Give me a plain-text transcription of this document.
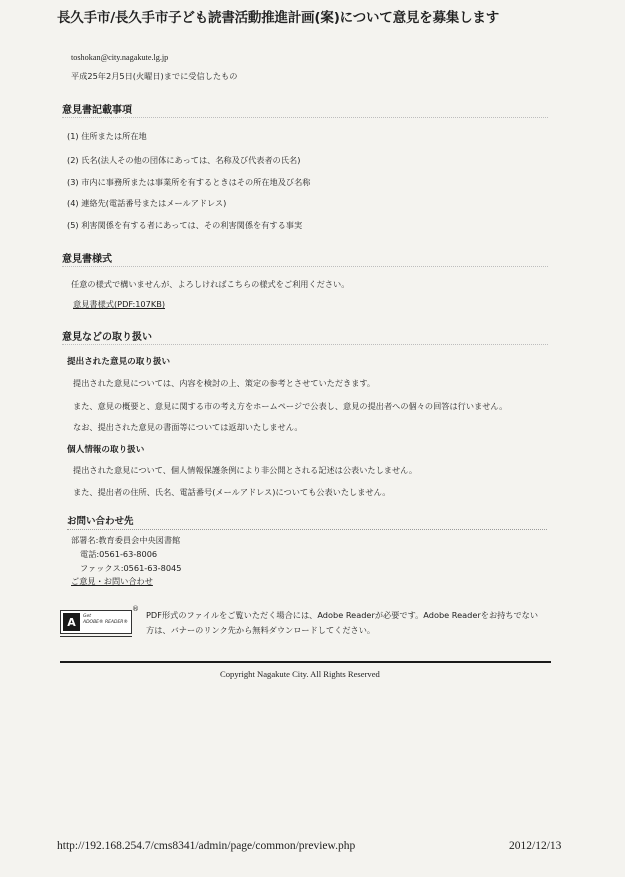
長久手市/長久手市子ども読書活動推進計画(案)について意見を募集します
toshokan@city.nagakute.lg.jp
平成25年2月5日(火曜日)までに受信したもの
意見書記載事項
(1) 住所または所在地
(2) 氏名(法人その他の団体にあっては、名称及び代表者の氏名)
(3) 市内に事務所または事業所を有するときはその所在地及び名称
(4) 連絡先(電話番号またはメールアドレス)
(5) 利害関係を有する者にあっては、その利害関係を有する事実
意見書様式
任意の様式で構いませんが、よろしければこちらの様式をご利用ください。
意見書様式(PDF:107KB)
意見などの取り扱い
提出された意見の取り扱い
提出された意見については、内容を検討の上、策定の参考とさせていただきます。
また、意見の概要と、意見に関する市の考え方をホームページで公表し、意見の提出者への個々の回答は行いません。
なお、提出された意見の書面等については返却いたしません。
個人情報の取り扱い
提出された意見について、個人情報保護条例により非公開とされる記述は公表いたしません。
また、提出者の住所、氏名、電話番号(メールアドレス)についても公表いたしません。
お問い合わせ先
部署名:教育委員会中央図書館
電話:0561-63-8006
ファックス:0561-63-8045
ご意見・お問い合わせ
A	Get
ADOBE® READER®
®
PDF形式のファイルをご覧いただく場合には、Adobe Readerが必要です。Adobe Readerをお持ちでない
方は、バナーのリンク先から無料ダウンロードしてください。
Copyright Nagakute City. All Rights Reserved
http://192.168.254.7/cms8341/admin/page/common/preview.php	2012/12/13
